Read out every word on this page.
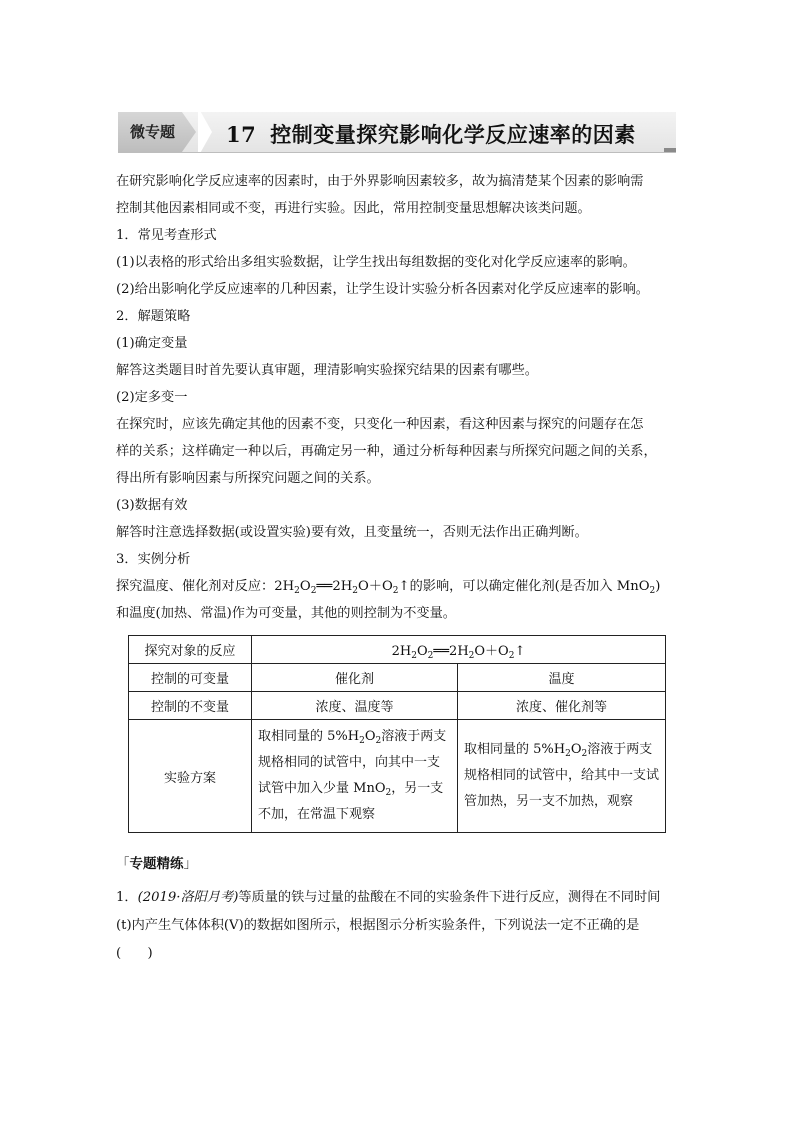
微专题 17 控制变量探究影响化学反应速率的因素

在研究影响化学反应速率的因素时，由于外界影响因素较多，故为搞清楚某个因素的影响需

控制其他因素相同或不变，再进行实验。因此，常用控制变量思想解决该类问题。

1．常见考查形式

(1)以表格的形式给出多组实验数据，让学生找出每组数据的变化对化学反应速率的影响。

(2)给出影响化学反应速率的几种因素，让学生设计实验分析各因素对化学反应速率的影响。

2．解题策略

(1)确定变量

解答这类题目时首先要认真审题，理清影响实验探究结果的因素有哪些。

(2)定多变一

在探究时，应该先确定其他的因素不变，只变化一种因素，看这种因素与探究的问题存在怎

样的关系；这样确定一种以后，再确定另一种，通过分析每种因素与所探究问题之间的关系，

得出所有影响因素与所探究问题之间的关系。

(3)数据有效

解答时注意选择数据(或设置实验)要有效，且变量统一，否则无法作出正确判断。

3．实例分析

探究温度、催化剂对反应：$2H_2O_2══2H_2O+O_2↑$的影响，可以确定催化剂(是否加入 MnO$_2$)

和温度(加热、常温)作为可变量，其他的则控制为不变量。

探究对象的反应	$2H_2O_2══2H_2O+O_2↑$	
控制的可变量	催化剂	温度
控制的不变量	浓度、温度等	浓度、催化剂等
实验方案	取相同量的 $5\%H_2O_2$溶液于两支规格相同的试管中，向其中一支试管中加入少量 MnO$_2$，另一支不加，在常温下观察	取相同量的 $5\%H_2O_2$溶液于两支规格相同的试管中，给其中一支试管加热，另一支不加热，观察
「专题精练」

1．(2019·洛阳月考)等质量的铁与过量的盐酸在不同的实验条件下进行反应，测得在不同时间

(t)内产生气体体积(V)的数据如图所示，根据图示分析实验条件，下列说法一定不正确的是

(　　)
